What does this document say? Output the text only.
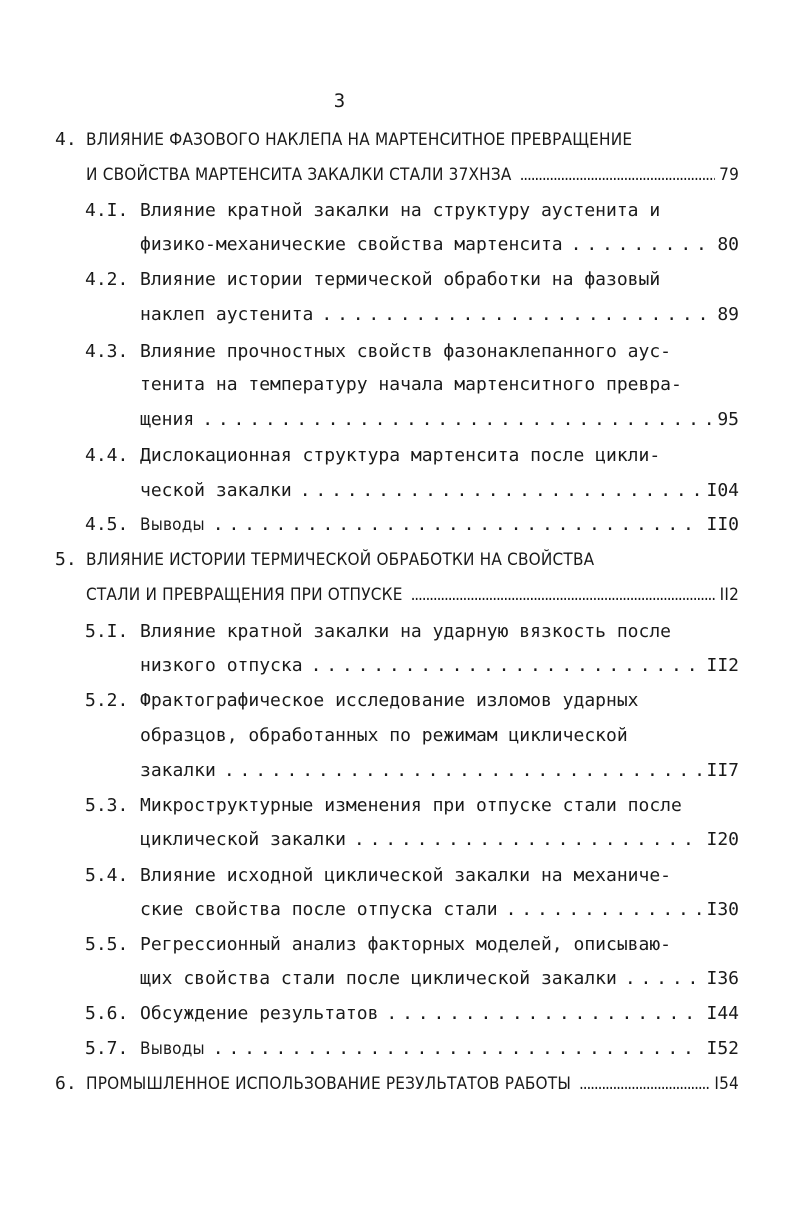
3
4. ВЛИЯНИЕ ФАЗОВОГО НАКЛЕПА НА МАРТЕНСИТНОЕ ПРЕВРАЩЕНИЕ
И СВОЙСТВА МАРТЕНСИТА ЗАКАЛКИ СТАЛИ 37ХНЗА . . .	79
4.I. Влияние кратной закалки на структуру аустенита и
физико-механические свойства мартенсита . . .	80
4.2. Влияние истории термической обработки на фазовый
наклеп аустенита . . .	89
4.3. Влияние прочностных свойств фазонаклепанного аус-
тенита на температуру начала мартенситного превра-
щения . . .	95
4.4. Дислокационная структура мартенсита после цикли-
ческой закалки . . .	I04
4.5. Выводы . . .	II0
5. ВЛИЯНИЕ ИСТОРИИ ТЕРМИЧЕСКОЙ ОБРАБОТКИ НА СВОЙСТВА
СТАЛИ И ПРЕВРАЩЕНИЯ ПРИ ОТПУСКЕ . . .	II2
5.I. Влияние кратной закалки на ударную вязкость после
низкого отпуска . . .	II2
5.2. Фрактографическое исследование изломов ударных
образцов, обработанных по режимам циклической
закалки . . .	II7
5.3. Микроструктурные изменения при отпуске стали после
циклической закалки . . .	I20
5.4. Влияние исходной циклической закалки на механиче-
ские свойства после отпуска стали . . .	I30
5.5. Регрессионный анализ факторных моделей, описываю-
щих свойства стали после циклической закалки . . .	I36
5.6. Обсуждение результатов . . .	I44
5.7. Выводы . . .	I52
6. ПРОМЫШЛЕННОЕ ИСПОЛЬЗОВАНИЕ РЕЗУЛЬТАТОВ РАБОТЫ . . .	I54
